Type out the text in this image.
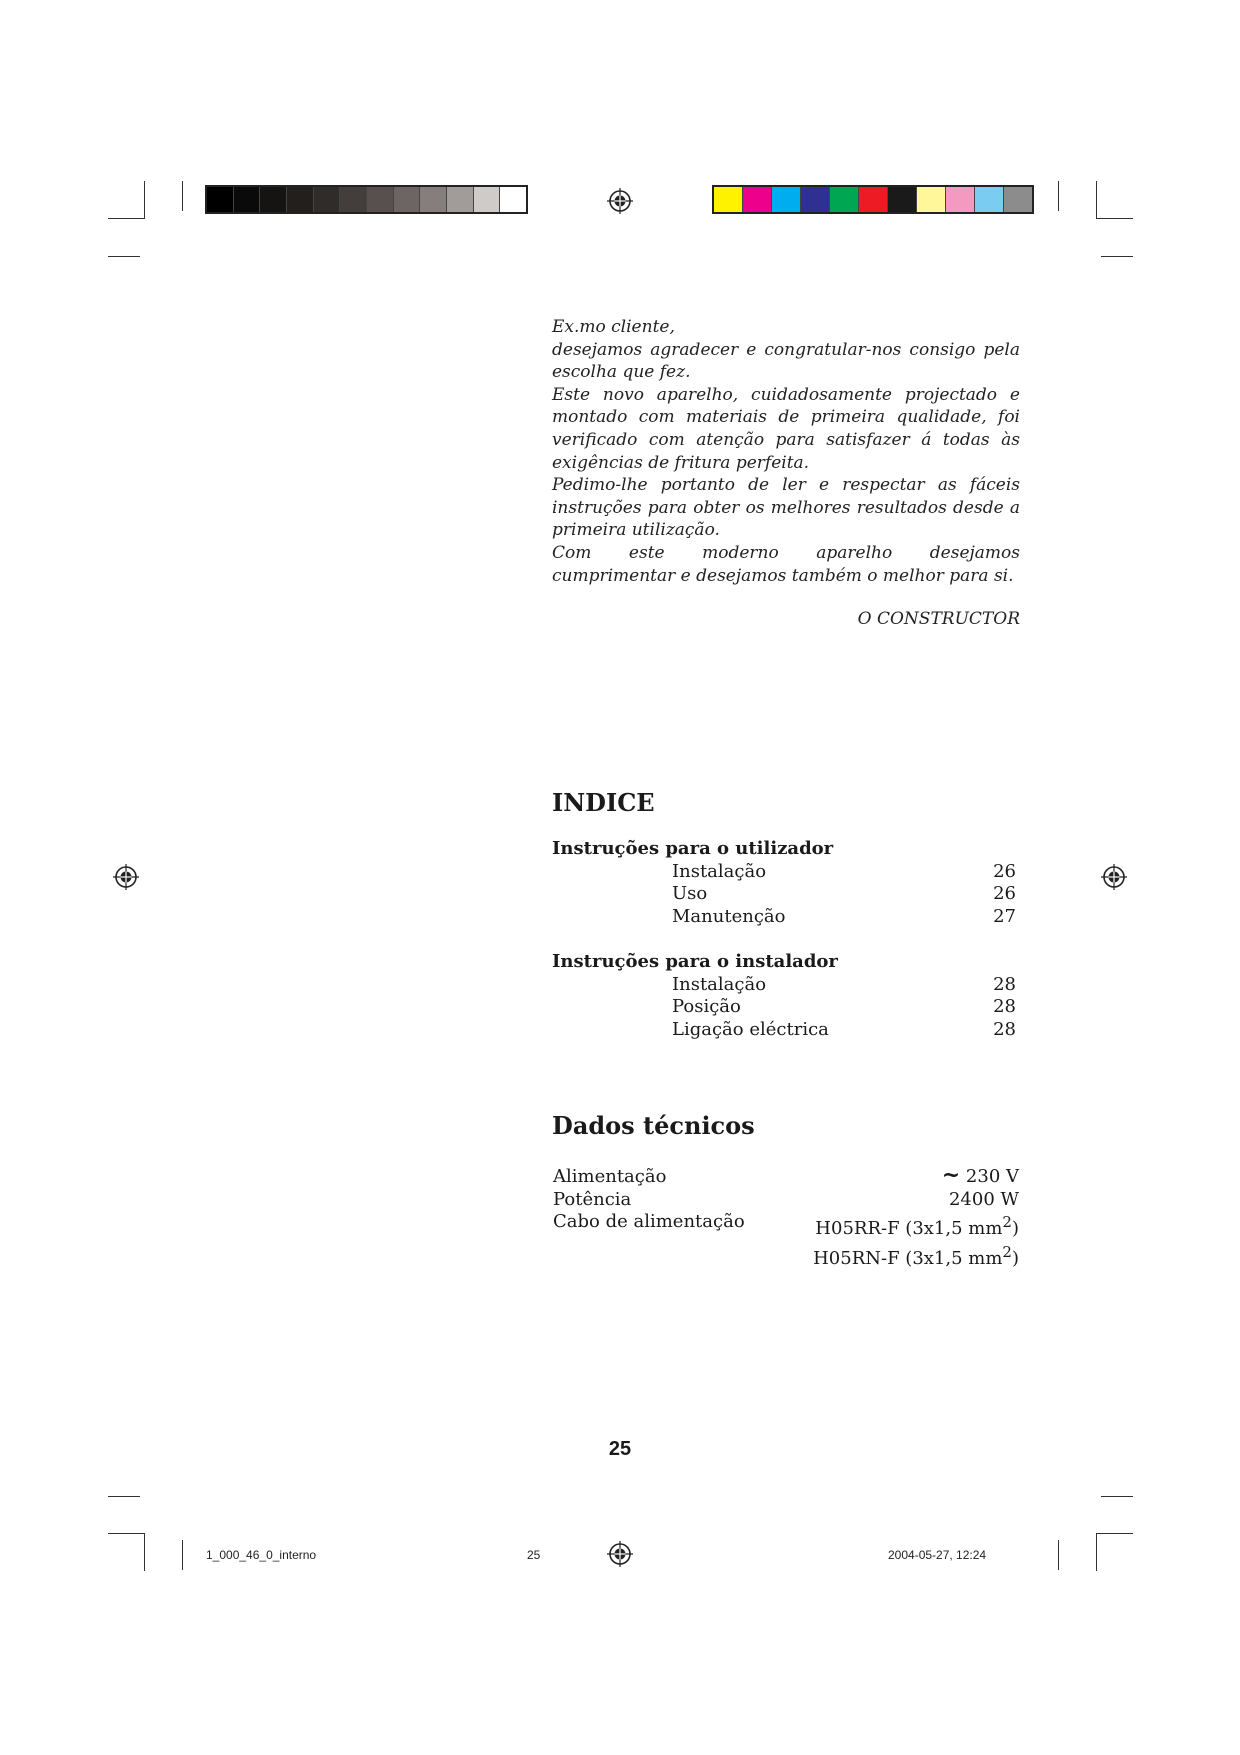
Ex.mo cliente,

desejamos agradecer e congratular-nos consigo pela escolha que fez.

Este novo aparelho, cuidadosamente projectado e montado com materiais de primeira qualidade, foi verificado com atenção para satisfazer á todas às exigências de fritura perfeita.

Pedimo-lhe portanto de ler e respectar as fáceis instruções para obter os melhores resultados desde a primeira utilização.

Com este moderno aparelho desejamos cumprimentar e desejamos também o melhor para si.

O CONSTRUCTOR

INDICE
Instruções para o utilizador
Instalação	26
Uso	26
Manutenção	27
Instruções para o instalador
Instalação	28
Posição	28
Ligação eléctrica	28
Dados técnicos
Alimentação	~ 230 V
Potência	2400 W
Cabo de alimentação	H05RR-F (3x1,5 $mm^2$)
H05RN-F (3x1,5 $mm^2$)
25
1_000_46_0_interno	25	2004-05-27, 12:24
